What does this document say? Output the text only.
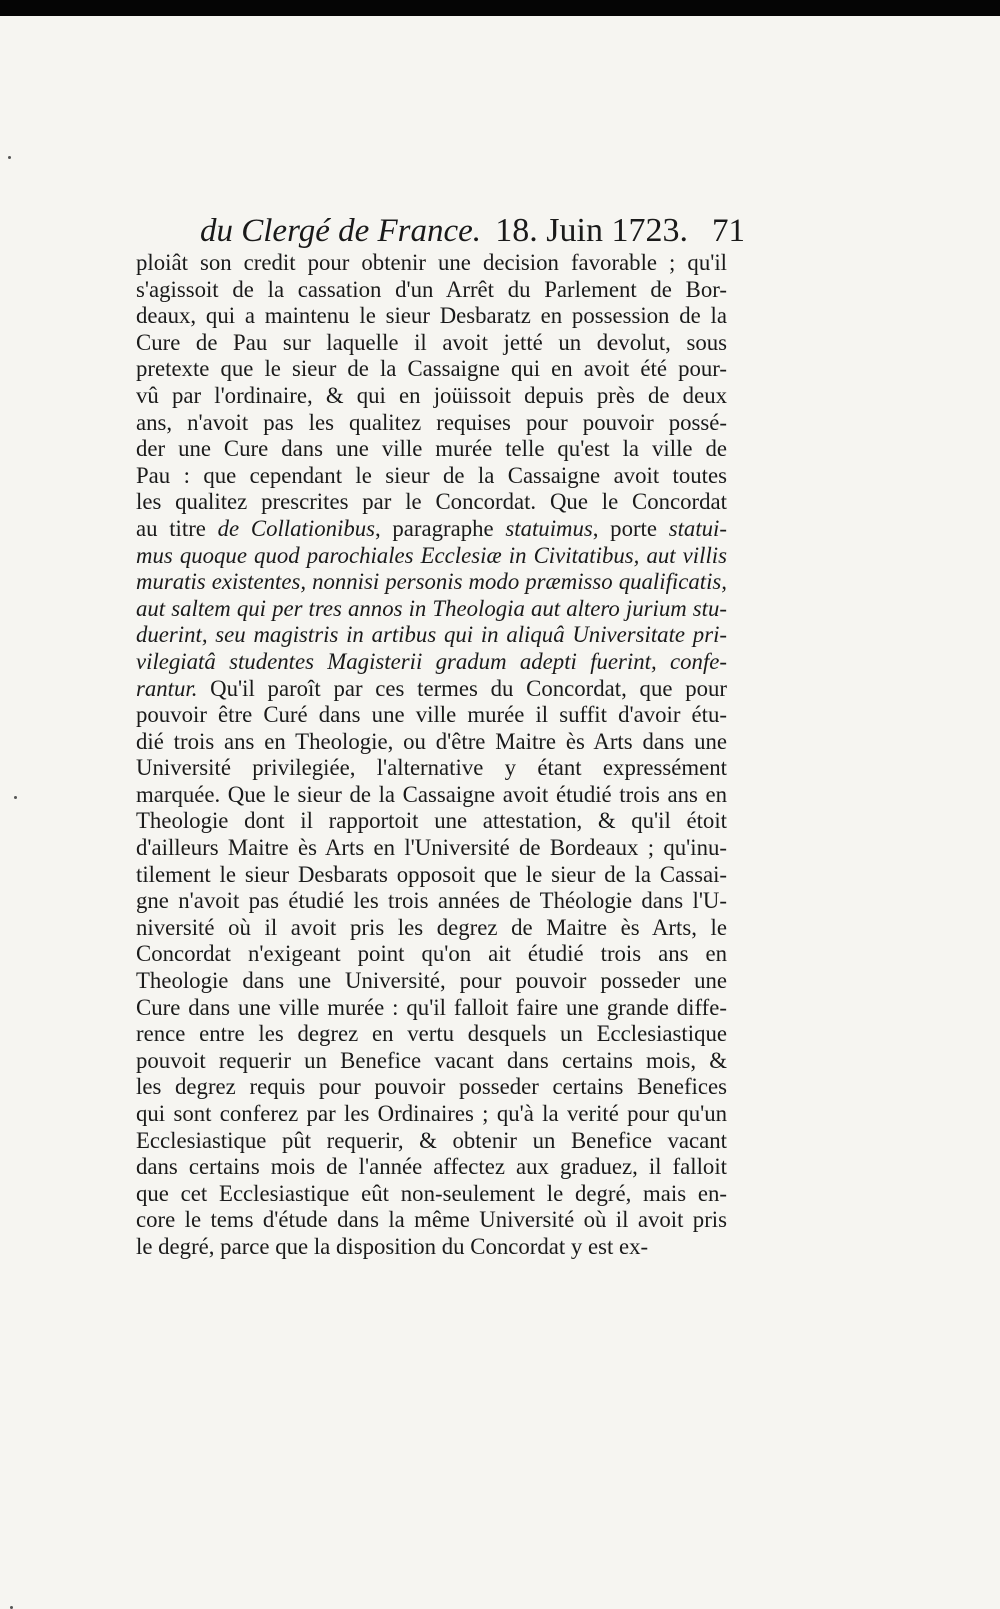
du Clergé de France. 18. Juin 1723. 71
ploiât son credit pour obtenir une decision favorable ; qu'il
s'agissoit de la cassation d'un Arrêt du Parlement de Bor-
deaux, qui a maintenu le sieur Desbaratz en possession de la
Cure de Pau sur laquelle il avoit jetté un devolut, sous
pretexte que le sieur de la Cassaigne qui en avoit été pour-
vû par l'ordinaire, & qui en joüissoit depuis près de deux
ans, n'avoit pas les qualitez requises pour pouvoir possé-
der une Cure dans une ville murée telle qu'est la ville de
Pau : que cependant le sieur de la Cassaigne avoit toutes
les qualitez prescrites par le Concordat. Que le Concordat
au titre de Collationibus, paragraphe statuimus, porte statui-
mus quoque quod parochiales Ecclesiæ in Civitatibus, aut villis
muratis existentes, nonnisi personis modo præmisso qualificatis,
aut saltem qui per tres annos in Theologia aut altero jurium stu-
duerint, seu magistris in artibus qui in aliquâ Universitate pri-
vilegiatâ studentes Magisterii gradum adepti fuerint, confe-
rantur. Qu'il paroît par ces termes du Concordat, que pour
pouvoir être Curé dans une ville murée il suffit d'avoir étu-
dié trois ans en Theologie, ou d'être Maitre ès Arts dans une
Université privilegiée, l'alternative y étant expressément
marquée. Que le sieur de la Cassaigne avoit étudié trois ans en
Theologie dont il rapportoit une attestation, & qu'il étoit
d'ailleurs Maitre ès Arts en l'Université de Bordeaux ; qu'inu-
tilement le sieur Desbarats opposoit que le sieur de la Cassai-
gne n'avoit pas étudié les trois années de Théologie dans l'U-
niversité où il avoit pris les degrez de Maitre ès Arts, le
Concordat n'exigeant point qu'on ait étudié trois ans en
Theologie dans une Université, pour pouvoir posseder une
Cure dans une ville murée : qu'il falloit faire une grande diffe-
rence entre les degrez en vertu desquels un Ecclesiastique
pouvoit requerir un Benefice vacant dans certains mois, &
les degrez requis pour pouvoir posseder certains Benefices
qui sont conferez par les Ordinaires ; qu'à la verité pour qu'un
Ecclesiastique pût requerir, & obtenir un Benefice vacant
dans certains mois de l'année affectez aux graduez, il falloit
que cet Ecclesiastique eût non-seulement le degré, mais en-
core le tems d'étude dans la même Université où il avoit pris
le degré, parce que la disposition du Concordat y est ex-
